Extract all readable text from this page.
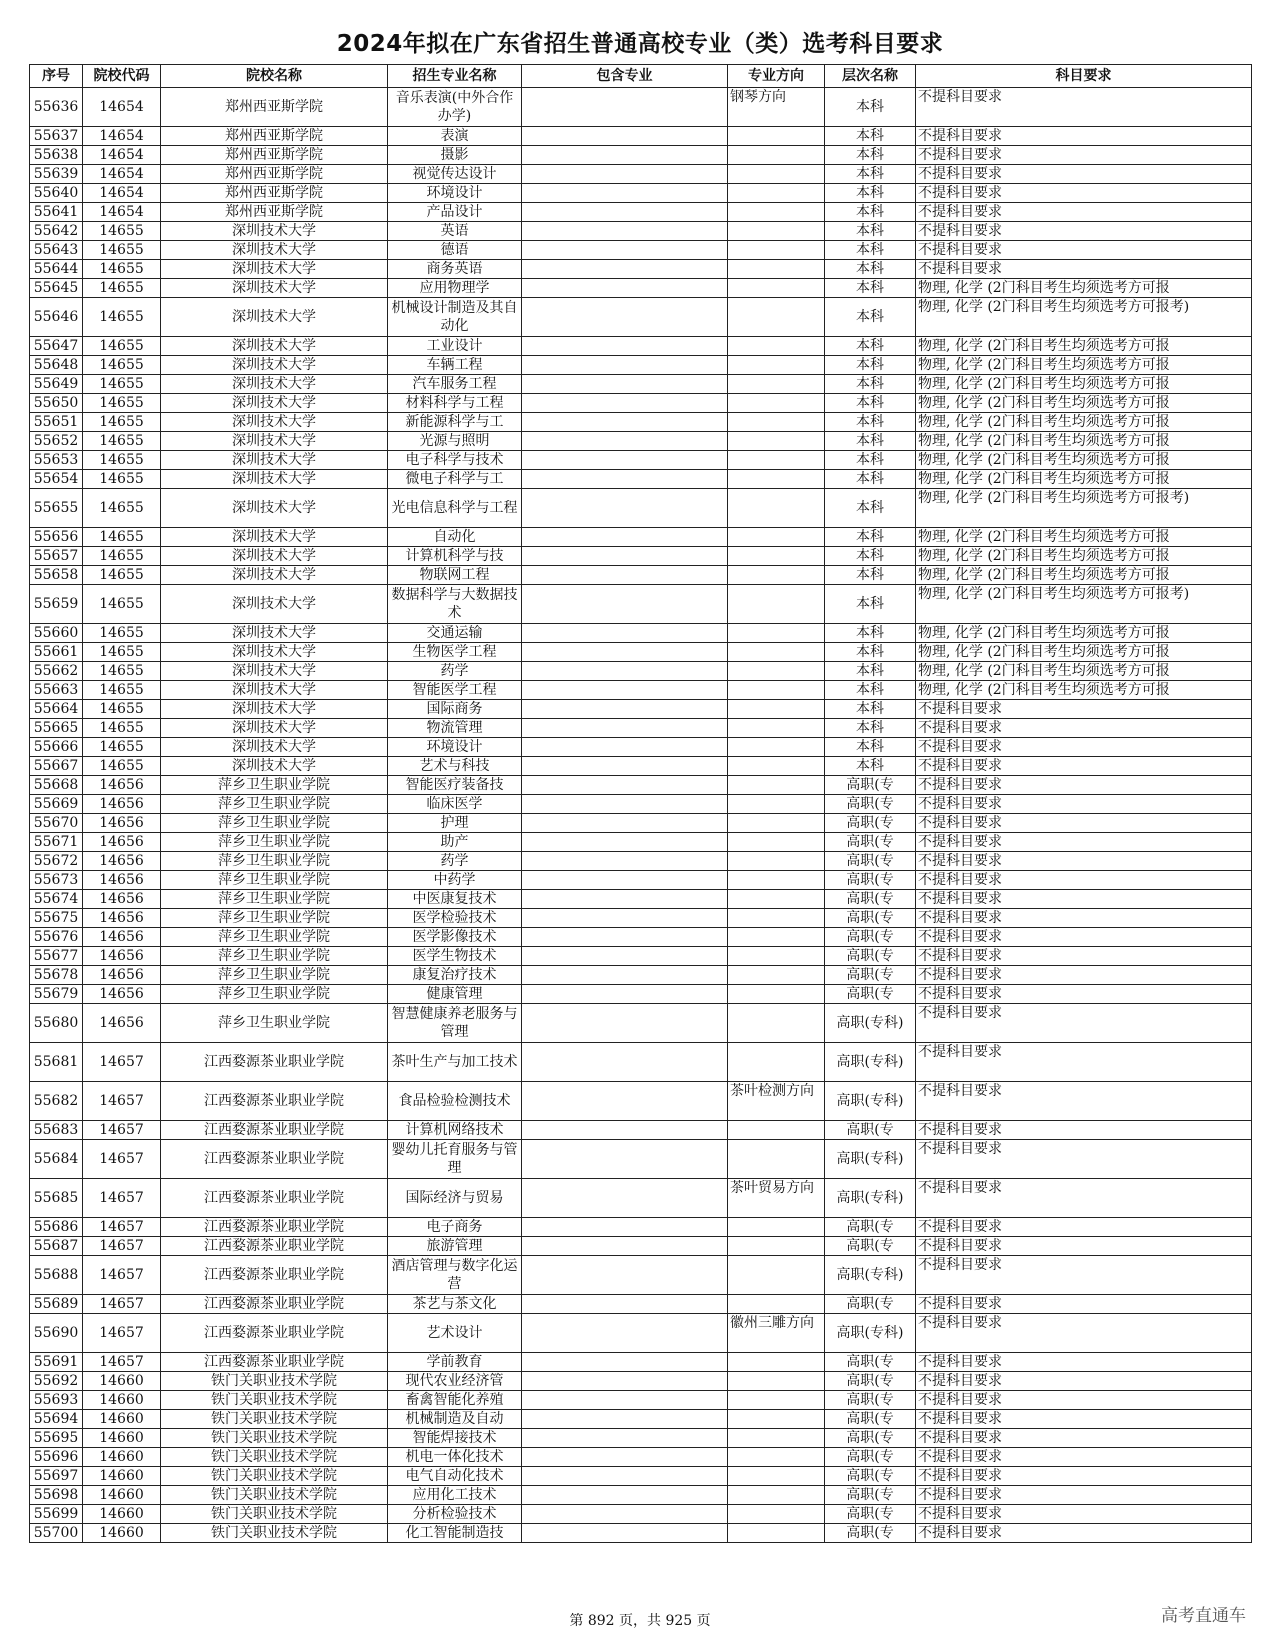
2024年拟在广东省招生普通高校专业（类）选考科目要求
序号	院校代码	院校名称	招生专业名称	包含专业	专业方向	层次名称	科目要求
55636	14654	郑州西亚斯学院	音乐表演(中外合作办学)		钢琴方向	本科	不提科目要求
55637	14654	郑州西亚斯学院	表演			本科	不提科目要求
55638	14654	郑州西亚斯学院	摄影			本科	不提科目要求
55639	14654	郑州西亚斯学院	视觉传达设计			本科	不提科目要求
55640	14654	郑州西亚斯学院	环境设计			本科	不提科目要求
55641	14654	郑州西亚斯学院	产品设计			本科	不提科目要求
55642	14655	深圳技术大学	英语			本科	不提科目要求
55643	14655	深圳技术大学	德语			本科	不提科目要求
55644	14655	深圳技术大学	商务英语			本科	不提科目要求
55645	14655	深圳技术大学	应用物理学			本科	物理, 化学 (2门科目考生均须选考方可报
55646	14655	深圳技术大学	机械设计制造及其自动化			本科	物理, 化学 (2门科目考生均须选考方可报考)
55647	14655	深圳技术大学	工业设计			本科	物理, 化学 (2门科目考生均须选考方可报
55648	14655	深圳技术大学	车辆工程			本科	物理, 化学 (2门科目考生均须选考方可报
55649	14655	深圳技术大学	汽车服务工程			本科	物理, 化学 (2门科目考生均须选考方可报
55650	14655	深圳技术大学	材料科学与工程			本科	物理, 化学 (2门科目考生均须选考方可报
55651	14655	深圳技术大学	新能源科学与工			本科	物理, 化学 (2门科目考生均须选考方可报
55652	14655	深圳技术大学	光源与照明			本科	物理, 化学 (2门科目考生均须选考方可报
55653	14655	深圳技术大学	电子科学与技术			本科	物理, 化学 (2门科目考生均须选考方可报
55654	14655	深圳技术大学	微电子科学与工			本科	物理, 化学 (2门科目考生均须选考方可报
55655	14655	深圳技术大学	光电信息科学与工程			本科	物理, 化学 (2门科目考生均须选考方可报考)
55656	14655	深圳技术大学	自动化			本科	物理, 化学 (2门科目考生均须选考方可报
55657	14655	深圳技术大学	计算机科学与技			本科	物理, 化学 (2门科目考生均须选考方可报
55658	14655	深圳技术大学	物联网工程			本科	物理, 化学 (2门科目考生均须选考方可报
55659	14655	深圳技术大学	数据科学与大数据技术			本科	物理, 化学 (2门科目考生均须选考方可报考)
55660	14655	深圳技术大学	交通运输			本科	物理, 化学 (2门科目考生均须选考方可报
55661	14655	深圳技术大学	生物医学工程			本科	物理, 化学 (2门科目考生均须选考方可报
55662	14655	深圳技术大学	药学			本科	物理, 化学 (2门科目考生均须选考方可报
55663	14655	深圳技术大学	智能医学工程			本科	物理, 化学 (2门科目考生均须选考方可报
55664	14655	深圳技术大学	国际商务			本科	不提科目要求
55665	14655	深圳技术大学	物流管理			本科	不提科目要求
55666	14655	深圳技术大学	环境设计			本科	不提科目要求
55667	14655	深圳技术大学	艺术与科技			本科	不提科目要求
55668	14656	萍乡卫生职业学院	智能医疗装备技			高职(专	不提科目要求
55669	14656	萍乡卫生职业学院	临床医学			高职(专	不提科目要求
55670	14656	萍乡卫生职业学院	护理			高职(专	不提科目要求
55671	14656	萍乡卫生职业学院	助产			高职(专	不提科目要求
55672	14656	萍乡卫生职业学院	药学			高职(专	不提科目要求
55673	14656	萍乡卫生职业学院	中药学			高职(专	不提科目要求
55674	14656	萍乡卫生职业学院	中医康复技术			高职(专	不提科目要求
55675	14656	萍乡卫生职业学院	医学检验技术			高职(专	不提科目要求
55676	14656	萍乡卫生职业学院	医学影像技术			高职(专	不提科目要求
55677	14656	萍乡卫生职业学院	医学生物技术			高职(专	不提科目要求
55678	14656	萍乡卫生职业学院	康复治疗技术			高职(专	不提科目要求
55679	14656	萍乡卫生职业学院	健康管理			高职(专	不提科目要求
55680	14656	萍乡卫生职业学院	智慧健康养老服务与管理			高职(专科)	不提科目要求
55681	14657	江西婺源茶业职业学院	茶叶生产与加工技术			高职(专科)	不提科目要求
55682	14657	江西婺源茶业职业学院	食品检验检测技术		茶叶检测方向	高职(专科)	不提科目要求
55683	14657	江西婺源茶业职业学院	计算机网络技术			高职(专	不提科目要求
55684	14657	江西婺源茶业职业学院	婴幼儿托育服务与管理			高职(专科)	不提科目要求
55685	14657	江西婺源茶业职业学院	国际经济与贸易		茶叶贸易方向	高职(专科)	不提科目要求
55686	14657	江西婺源茶业职业学院	电子商务			高职(专	不提科目要求
55687	14657	江西婺源茶业职业学院	旅游管理			高职(专	不提科目要求
55688	14657	江西婺源茶业职业学院	酒店管理与数字化运营			高职(专科)	不提科目要求
55689	14657	江西婺源茶业职业学院	茶艺与茶文化			高职(专	不提科目要求
55690	14657	江西婺源茶业职业学院	艺术设计		徽州三雕方向	高职(专科)	不提科目要求
55691	14657	江西婺源茶业职业学院	学前教育			高职(专	不提科目要求
55692	14660	铁门关职业技术学院	现代农业经济管			高职(专	不提科目要求
55693	14660	铁门关职业技术学院	畜禽智能化养殖			高职(专	不提科目要求
55694	14660	铁门关职业技术学院	机械制造及自动			高职(专	不提科目要求
55695	14660	铁门关职业技术学院	智能焊接技术			高职(专	不提科目要求
55696	14660	铁门关职业技术学院	机电一体化技术			高职(专	不提科目要求
55697	14660	铁门关职业技术学院	电气自动化技术			高职(专	不提科目要求
55698	14660	铁门关职业技术学院	应用化工技术			高职(专	不提科目要求
55699	14660	铁门关职业技术学院	分析检验技术			高职(专	不提科目要求
55700	14660	铁门关职业技术学院	化工智能制造技			高职(专	不提科目要求
第 892 页，共 925 页	高考直通车
